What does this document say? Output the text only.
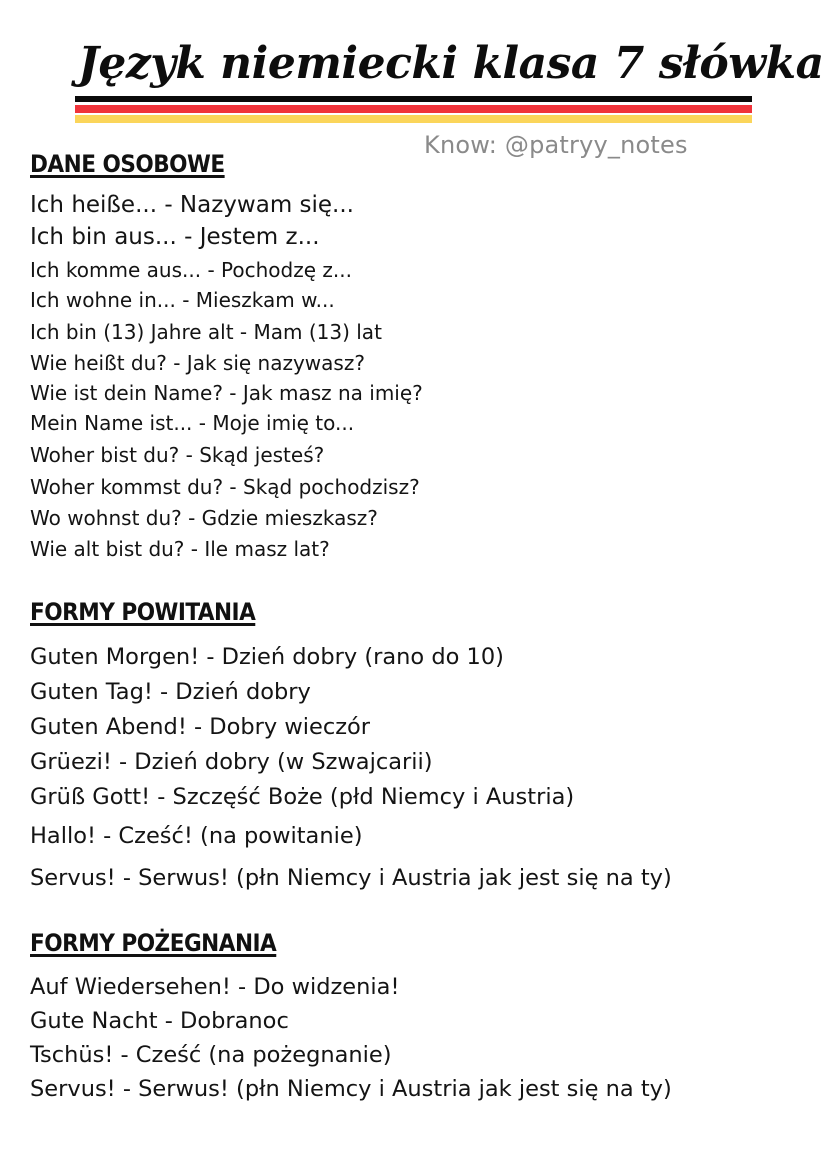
Język niemiecki klasa 7 słówka
Know: @patryy_notes
DANE OSOBOWE
Ich heiße... - Nazywam się...
Ich bin aus... - Jestem z...
Ich komme aus... - Pochodzę z...
Ich wohne in... - Mieszkam w...
Ich bin (13) Jahre alt - Mam (13) lat
Wie heißt du? - Jak się nazywasz?
Wie ist dein Name? - Jak masz na imię?
Mein Name ist... - Moje imię to...
Woher bist du? - Skąd jesteś?
Woher kommst du? - Skąd pochodzisz?
Wo wohnst du? - Gdzie mieszkasz?
Wie alt bist du? - Ile masz lat?
FORMY POWITANIA
Guten Morgen! - Dzień dobry (rano do 10)
Guten Tag! - Dzień dobry
Guten Abend! - Dobry wieczór
Grüezi! - Dzień dobry (w Szwajcarii)
Grüß Gott! - Szczęść Boże (płd Niemcy i Austria)
Hallo! - Cześć! (na powitanie)
Servus! - Serwus! (płn Niemcy i Austria jak jest się na ty)
FORMY POŻEGNANIA
Auf Wiedersehen! - Do widzenia!
Gute Nacht - Dobranoc
Tschüs! - Cześć (na pożegnanie)
Servus! - Serwus! (płn Niemcy i Austria jak jest się na ty)
